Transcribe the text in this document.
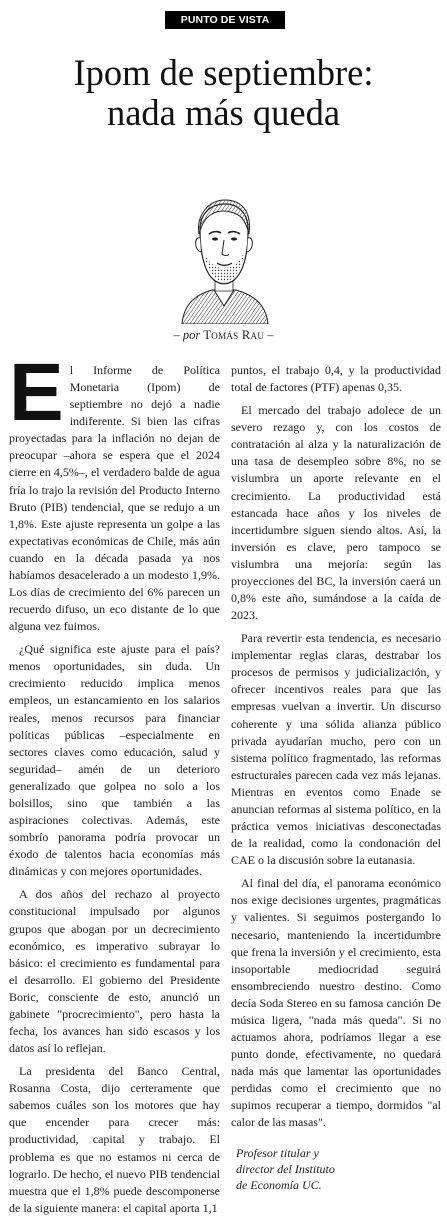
PUNTO DE VISTA
Ipom de septiembre:
nada más queda
– por Tomás Rau –

El Informe de Política Monetaria (Ipom) de septiembre no dejó a nadie indiferente. Si bien las cifras proyectadas para la inflación no dejan de preocupar –ahora se espera que el 2024 cierre en 4,5%–, el verdadero balde de agua fría lo trajo la revisión del Producto Interno Bruto (PIB) tendencial, que se redujo a un 1,8%. Este ajuste representa un golpe a las expectativas económicas de Chile, más aún cuando en la década pasada ya nos habíamos desacelerado a un modesto 1,9%. Los días de crecimiento del 6% parecen un recuerdo difuso, un eco distante de lo que alguna vez fuimos.

¿Qué significa este ajuste para el país? menos oportunidades, sin duda. Un crecimiento reducido implica menos empleos, un estancamiento en los salarios reales, menos recursos para financiar políticas públicas –especialmente en sectores claves como educación, salud y seguridad– amén de un deterioro generalizado que golpea no solo a los bolsillos, sino que también a las aspiraciones colectivas. Además, este sombrío panorama podría provocar un éxodo de talentos hacia economías más dinámicas y con mejores oportunidades.

A dos años del rechazo al proyecto constitucional impulsado por algunos grupos que abogan por un decrecimiento económico, es imperativo subrayar lo básico: el crecimiento es fundamental para el desarrollo. El gobierno del Presidente Boric, consciente de esto, anunció un gabinete "procrecimiento", pero hasta la fecha, los avances han sido escasos y los datos así lo reflejan.

La presidenta del Banco Central, Rosanna Costa, dijo certeramente que sabemos cuáles son los motores que hay que encender para crecer más: productividad, capital y trabajo. El problema es que no estamos ni cerca de lograrlo. De hecho, el nuevo PIB tendencial muestra que el 1,8% puede descomponerse de la siguiente manera: el capital aporta 1,1

puntos, el trabajo 0,4, y la productividad total de factores (PTF) apenas 0,35.

El mercado del trabajo adolece de un severo rezago y, con los costos de contratación al alza y la naturalización de una tasa de desempleo sobre 8%, no se vislumbra un aporte relevante en el crecimiento. La productividad está estancada hace años y los niveles de incertidumbre siguen siendo altos. Así, la inversión es clave, pero tampoco se vislumbra una mejoría: según las proyecciones del BC, la inversión caerá un 0,8% este año, sumándose a la caída de 2023.

Para revertir esta tendencia, es necesario implementar reglas claras, destrabar los procesos de permisos y judicialización, y ofrecer incentivos reales para que las empresas vuelvan a invertir. Un discurso coherente y una sólida alianza público privada ayudarían mucho, pero con un sistema político fragmentado, las reformas estructurales parecen cada vez más lejanas. Mientras en eventos como Enade se anuncian reformas al sistema político, en la práctica vemos iniciativas desconectadas de la realidad, como la condonación del CAE o la discusión sobre la eutanasia.

Al final del día, el panorama económico nos exige decisiones urgentes, pragmáticas y valientes. Si seguimos postergando lo necesario, manteniendo la incertidumbre que frena la inversión y el crecimiento, esta insoportable mediocridad seguirá ensombreciendo nuestro destino. Como decía Soda Stereo en su famosa canción De música ligera, "nada más queda". Si no actuamos ahora, podríamos llegar a ese punto donde, efectivamente, no quedará nada más que lamentar las oportunidades perdidas como el crecimiento que no supimos recuperar a tiempo, dormidos "al calor de las masas".

Profesor titular y
director del Instituto
de Economía UC.
